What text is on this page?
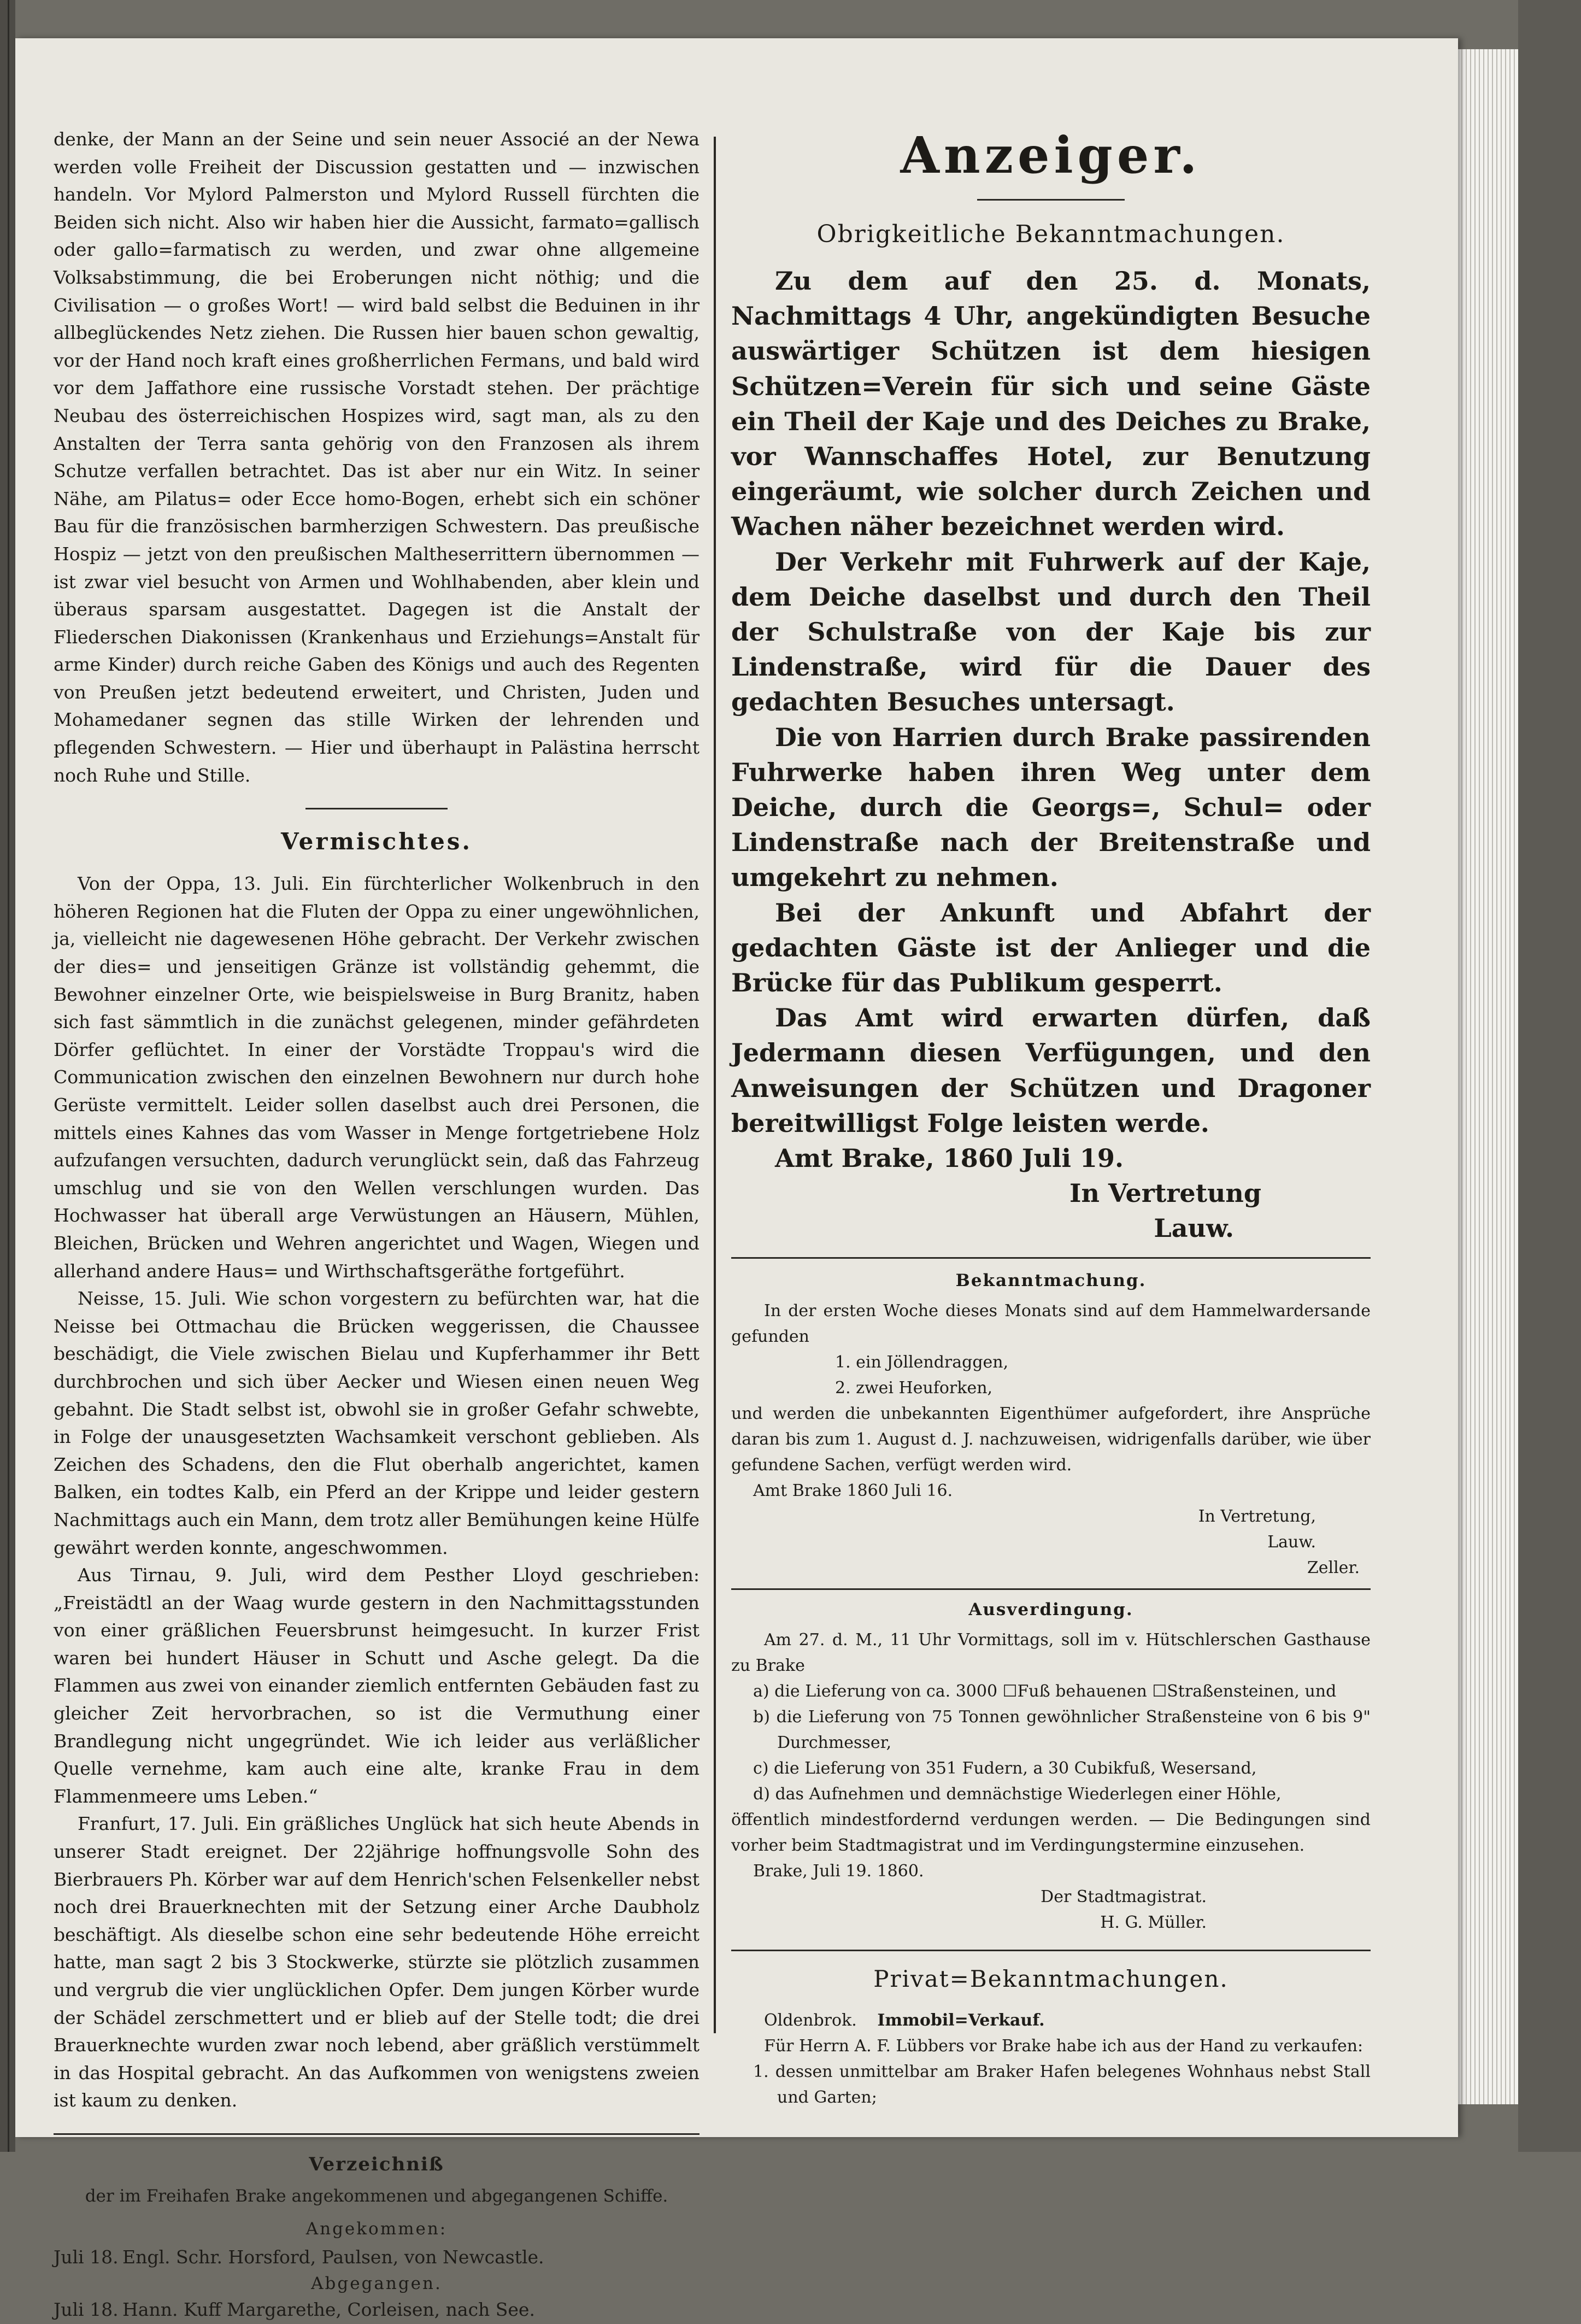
denke, der Mann an der Seine und sein neuer Associé an der Newa werden volle Freiheit der Discussion gestatten und — inzwischen handeln. Vor Mylord Palmerston und Mylord Russell fürchten die Beiden sich nicht. Also wir haben hier die Aussicht, farmato=gallisch oder gallo=farmatisch zu werden, und zwar ohne allgemeine Volksabstimmung, die bei Eroberungen nicht nöthig; und die Civilisation — o großes Wort! — wird bald selbst die Beduinen in ihr allbeglückendes Netz ziehen. Die Russen hier bauen schon gewaltig, vor der Hand noch kraft eines großherrlichen Fermans, und bald wird vor dem Jaffathore eine russische Vorstadt stehen. Der prächtige Neubau des österreichischen Hospizes wird, sagt man, als zu den Anstalten der Terra santa gehörig von den Franzosen als ihrem Schutze verfallen betrachtet. Das ist aber nur ein Witz. In seiner Nähe, am Pilatus= oder Ecce homo-Bogen, erhebt sich ein schöner Bau für die französischen barmherzigen Schwestern. Das preußische Hospiz — jetzt von den preußischen Maltheserrittern übernommen — ist zwar viel besucht von Armen und Wohlhabenden, aber klein und überaus sparsam ausgestattet. Dagegen ist die Anstalt der Fliederschen Diakonissen (Krankenhaus und Erziehungs=Anstalt für arme Kinder) durch reiche Gaben des Königs und auch des Regenten von Preußen jetzt bedeutend erweitert, und Christen, Juden und Mohamedaner segnen das stille Wirken der lehrenden und pflegenden Schwestern. — Hier und überhaupt in Palästina herrscht noch Ruhe und Stille.

Vermischtes.

Von der Oppa, 13. Juli. Ein fürchterlicher Wolkenbruch in den höheren Regionen hat die Fluten der Oppa zu einer ungewöhnlichen, ja, vielleicht nie dagewesenen Höhe gebracht. Der Verkehr zwischen der dies= und jenseitigen Gränze ist vollständig gehemmt, die Bewohner einzelner Orte, wie beispielsweise in Burg Branitz, haben sich fast sämmtlich in die zunächst gelegenen, minder gefährdeten Dörfer geflüchtet. In einer der Vorstädte Troppau's wird die Communication zwischen den einzelnen Bewohnern nur durch hohe Gerüste vermittelt. Leider sollen daselbst auch drei Personen, die mittels eines Kahnes das vom Wasser in Menge fortgetriebene Holz aufzufangen versuchten, dadurch verunglückt sein, daß das Fahrzeug umschlug und sie von den Wellen verschlungen wurden. Das Hochwasser hat überall arge Verwüstungen an Häusern, Mühlen, Bleichen, Brücken und Wehren angerichtet und Wagen, Wiegen und allerhand andere Haus= und Wirthschaftsgeräthe fortgeführt.

Neisse, 15. Juli. Wie schon vorgestern zu befürchten war, hat die Neisse bei Ottmachau die Brücken weggerissen, die Chaussee beschädigt, die Viele zwischen Bielau und Kupferhammer ihr Bett durchbrochen und sich über Aecker und Wiesen einen neuen Weg gebahnt. Die Stadt selbst ist, obwohl sie in großer Gefahr schwebte, in Folge der unausgesetzten Wachsamkeit verschont geblieben. Als Zeichen des Schadens, den die Flut oberhalb angerichtet, kamen Balken, ein todtes Kalb, ein Pferd an der Krippe und leider gestern Nachmittags auch ein Mann, dem trotz aller Bemühungen keine Hülfe gewährt werden konnte, angeschwommen.

Aus Tirnau, 9. Juli, wird dem Pesther Lloyd geschrieben: „Freistädtl an der Waag wurde gestern in den Nachmittagsstunden von einer gräßlichen Feuersbrunst heimgesucht. In kurzer Frist waren bei hundert Häuser in Schutt und Asche gelegt. Da die Flammen aus zwei von einander ziemlich entfernten Gebäuden fast zu gleicher Zeit hervorbrachen, so ist die Vermuthung einer Brandlegung nicht ungegründet. Wie ich leider aus verläßlicher Quelle vernehme, kam auch eine alte, kranke Frau in dem Flammenmeere ums Leben.“

Franfurt, 17. Juli. Ein gräßliches Unglück hat sich heute Abends in unserer Stadt ereignet. Der 22jährige hoffnungsvolle Sohn des Bierbrauers Ph. Körber war auf dem Henrich'schen Felsenkeller nebst noch drei Brauerknechten mit der Setzung einer Arche Daubholz beschäftigt. Als dieselbe schon eine sehr bedeutende Höhe erreicht hatte, man sagt 2 bis 3 Stockwerke, stürzte sie plötzlich zusammen und vergrub die vier unglücklichen Opfer. Dem jungen Körber wurde der Schädel zerschmettert und er blieb auf der Stelle todt; die drei Brauerknechte wurden zwar noch lebend, aber gräßlich verstümmelt in das Hospital gebracht. An das Aufkommen von wenigstens zweien ist kaum zu denken.

Verzeichniß
der im Freihafen Brake angekommenen und abgegangenen Schiffe.
Angekommen:
Juli 18. Engl. Schr. Horsford, Paulsen, von Newcastle.
Abgegangen.
Juli 18. Hann. Kuff Margarethe, Corleisen, nach See.
Anzeiger.
Obrigkeitliche Bekanntmachungen.

Zu dem auf den 25. d. Monats, Nachmittags 4 Uhr, angekündigten Besuche auswärtiger Schützen ist dem hiesigen Schützen=Verein für sich und seine Gäste ein Theil der Kaje und des Deiches zu Brake, vor Wannschaffes Hotel, zur Benutzung eingeräumt, wie solcher durch Zeichen und Wachen näher bezeichnet werden wird.

Der Verkehr mit Fuhrwerk auf der Kaje, dem Deiche daselbst und durch den Theil der Schulstraße von der Kaje bis zur Lindenstraße, wird für die Dauer des gedachten Besuches untersagt.

Die von Harrien durch Brake passirenden Fuhrwerke haben ihren Weg unter dem Deiche, durch die Georgs=, Schul= oder Lindenstraße nach der Breitenstraße und umgekehrt zu nehmen.

Bei der Ankunft und Abfahrt der gedachten Gäste ist der Anlieger und die Brücke für das Publikum gesperrt.

Das Amt wird erwarten dürfen, daß Jedermann diesen Verfügungen, und den Anweisungen der Schützen und Dragoner bereitwilligst Folge leisten werde.

Amt Brake, 1860 Juli 19.

In Vertretung

Lauw.

Bekanntmachung.

In der ersten Woche dieses Monats sind auf dem Hammelwardersande gefunden

1. ein Jöllendraggen,

2. zwei Heuforken,

und werden die unbekannten Eigenthümer aufgefordert, ihre Ansprüche daran bis zum 1. August d. J. nachzuweisen, widrigenfalls darüber, wie über gefundene Sachen, verfügt werden wird.

Amt Brake 1860 Juli 16.

In Vertretung,

Lauw.

Zeller.

Ausverdingung.

Am 27. d. M., 11 Uhr Vormittags, soll im v. Hütschlerschen Gasthause zu Brake

a) die Lieferung von ca. 3000 ☐Fuß behauenen ☐Straßensteinen, und

b) die Lieferung von 75 Tonnen gewöhnlicher Straßensteine von 6 bis 9" Durchmesser,

c) die Lieferung von 351 Fudern, a 30 Cubikfuß, Wesersand,

d) das Aufnehmen und demnächstige Wiederlegen einer Höhle,

öffentlich mindestfordernd verdungen werden. — Die Bedingungen sind vorher beim Stadtmagistrat und im Verdingungstermine einzusehen.

Brake, Juli 19. 1860.

Der Stadtmagistrat.

H. G. Müller.

Privat=Bekanntmachungen.

Oldenbrok. Immobil=Verkauf.

Für Herrn A. F. Lübbers vor Brake habe ich aus der Hand zu verkaufen:

1. dessen unmittelbar am Braker Hafen belegenes Wohnhaus nebst Stall und Garten;
